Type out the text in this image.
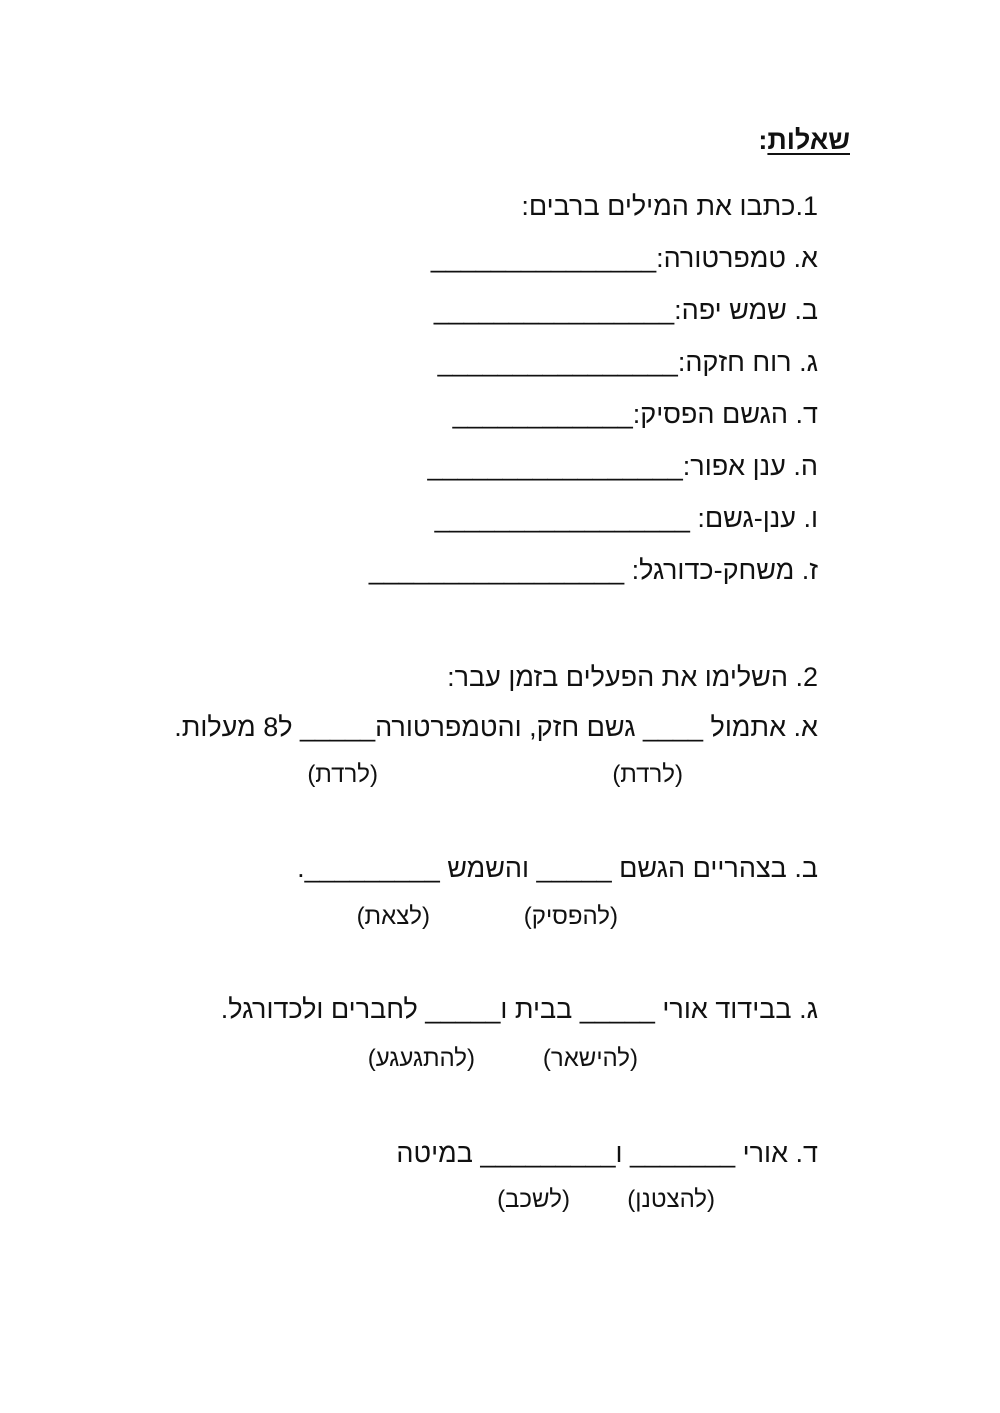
שאלות:
1.כתבו את המילים ברבים:
א. טמפרטורה:_______________
ב. שמש יפה:________________
ג. רוח חזקה:________________
ד. הגשם הפסיק:____________
ה. ענן אפור:_________________
ו. ענן-גשם: _________________
ז. משחק-כדורגל: _________________
2. השלימו את הפעלים בזמן עבר:
א. אתמול ____ גשם חזק, והטמפרטורה_____ ל8 מעלות.
(לרדת)
(לרדת)
ב. בצהריים הגשם _____ והשמש _________.
(להפסיק)
(לצאת)
ג. בבידוד אורי _____ בבית ו_____ לחברים ולכדורגל.
(להישאר)
(להתגעגע)
ד. אורי _______ ו_________ במיטה
(להצטנן)
(לשכב)
